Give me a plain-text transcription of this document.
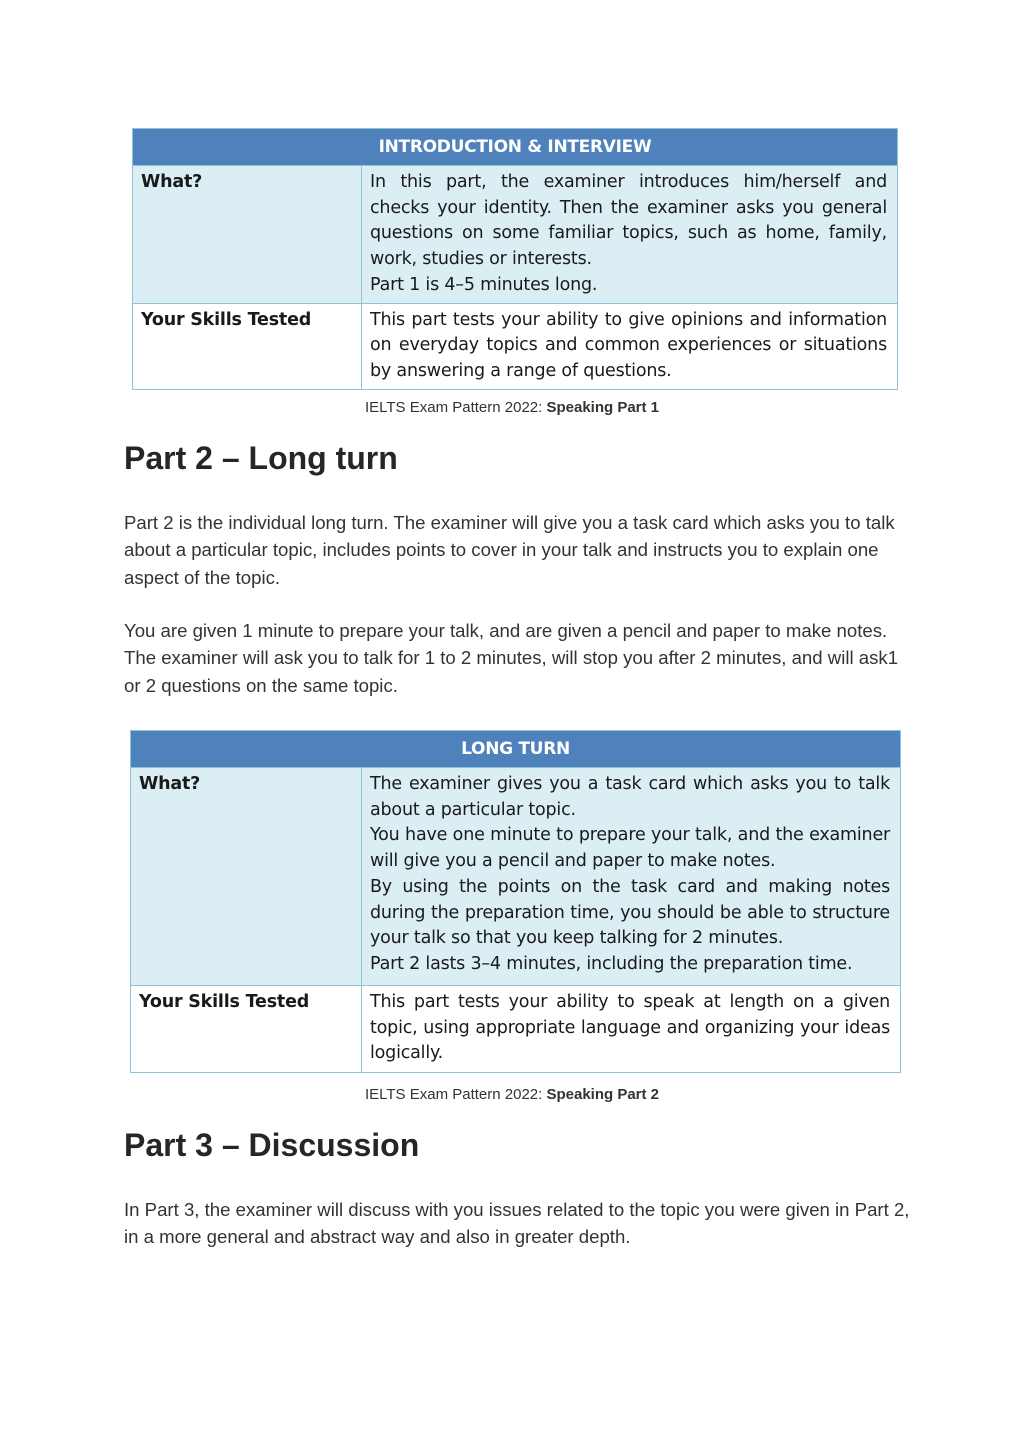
INTRODUCTION & INTERVIEW	
What?	In this part, the examiner introduces him/herself and checks your identity. Then the examiner asks you general questions on some familiar topics, such as home, family, work, studies or interests.
Part 1 is 4–5 minutes long.

Your Skills Tested	This part tests your ability to give opinions and information on everyday topics and common experiences or situations by answering a range of questions.
IELTS Exam Pattern 2022: Speaking Part 1
Part 2 – Long turn

Part 2 is the individual long turn. The examiner will give you a task card which asks you to talk about a particular topic, includes points to cover in your talk and instructs you to explain one aspect of the topic.

You are given 1 minute to prepare your talk, and are given a pencil and paper to make notes. The examiner will ask you to talk for 1 to 2 minutes, will stop you after 2 minutes, and will ask1 or 2 questions on the same topic.

LONG TURN	
What?	The examiner gives you a task card which asks you to talk about a particular topic.
You have one minute to prepare your talk, and the examiner will give you a pencil and paper to make notes.
By using the points on the task card and making notes during the preparation time, you should be able to structure your talk so that you keep talking for 2 minutes.
Part 2 lasts 3–4 minutes, including the preparation time.

Your Skills Tested	This part tests your ability to speak at length on a given topic, using appropriate language and organizing your ideas logically.
IELTS Exam Pattern 2022: Speaking Part 2
Part 3 – Discussion

In Part 3, the examiner will discuss with you issues related to the topic you were given in Part 2, in a more general and abstract way and also in greater depth.
